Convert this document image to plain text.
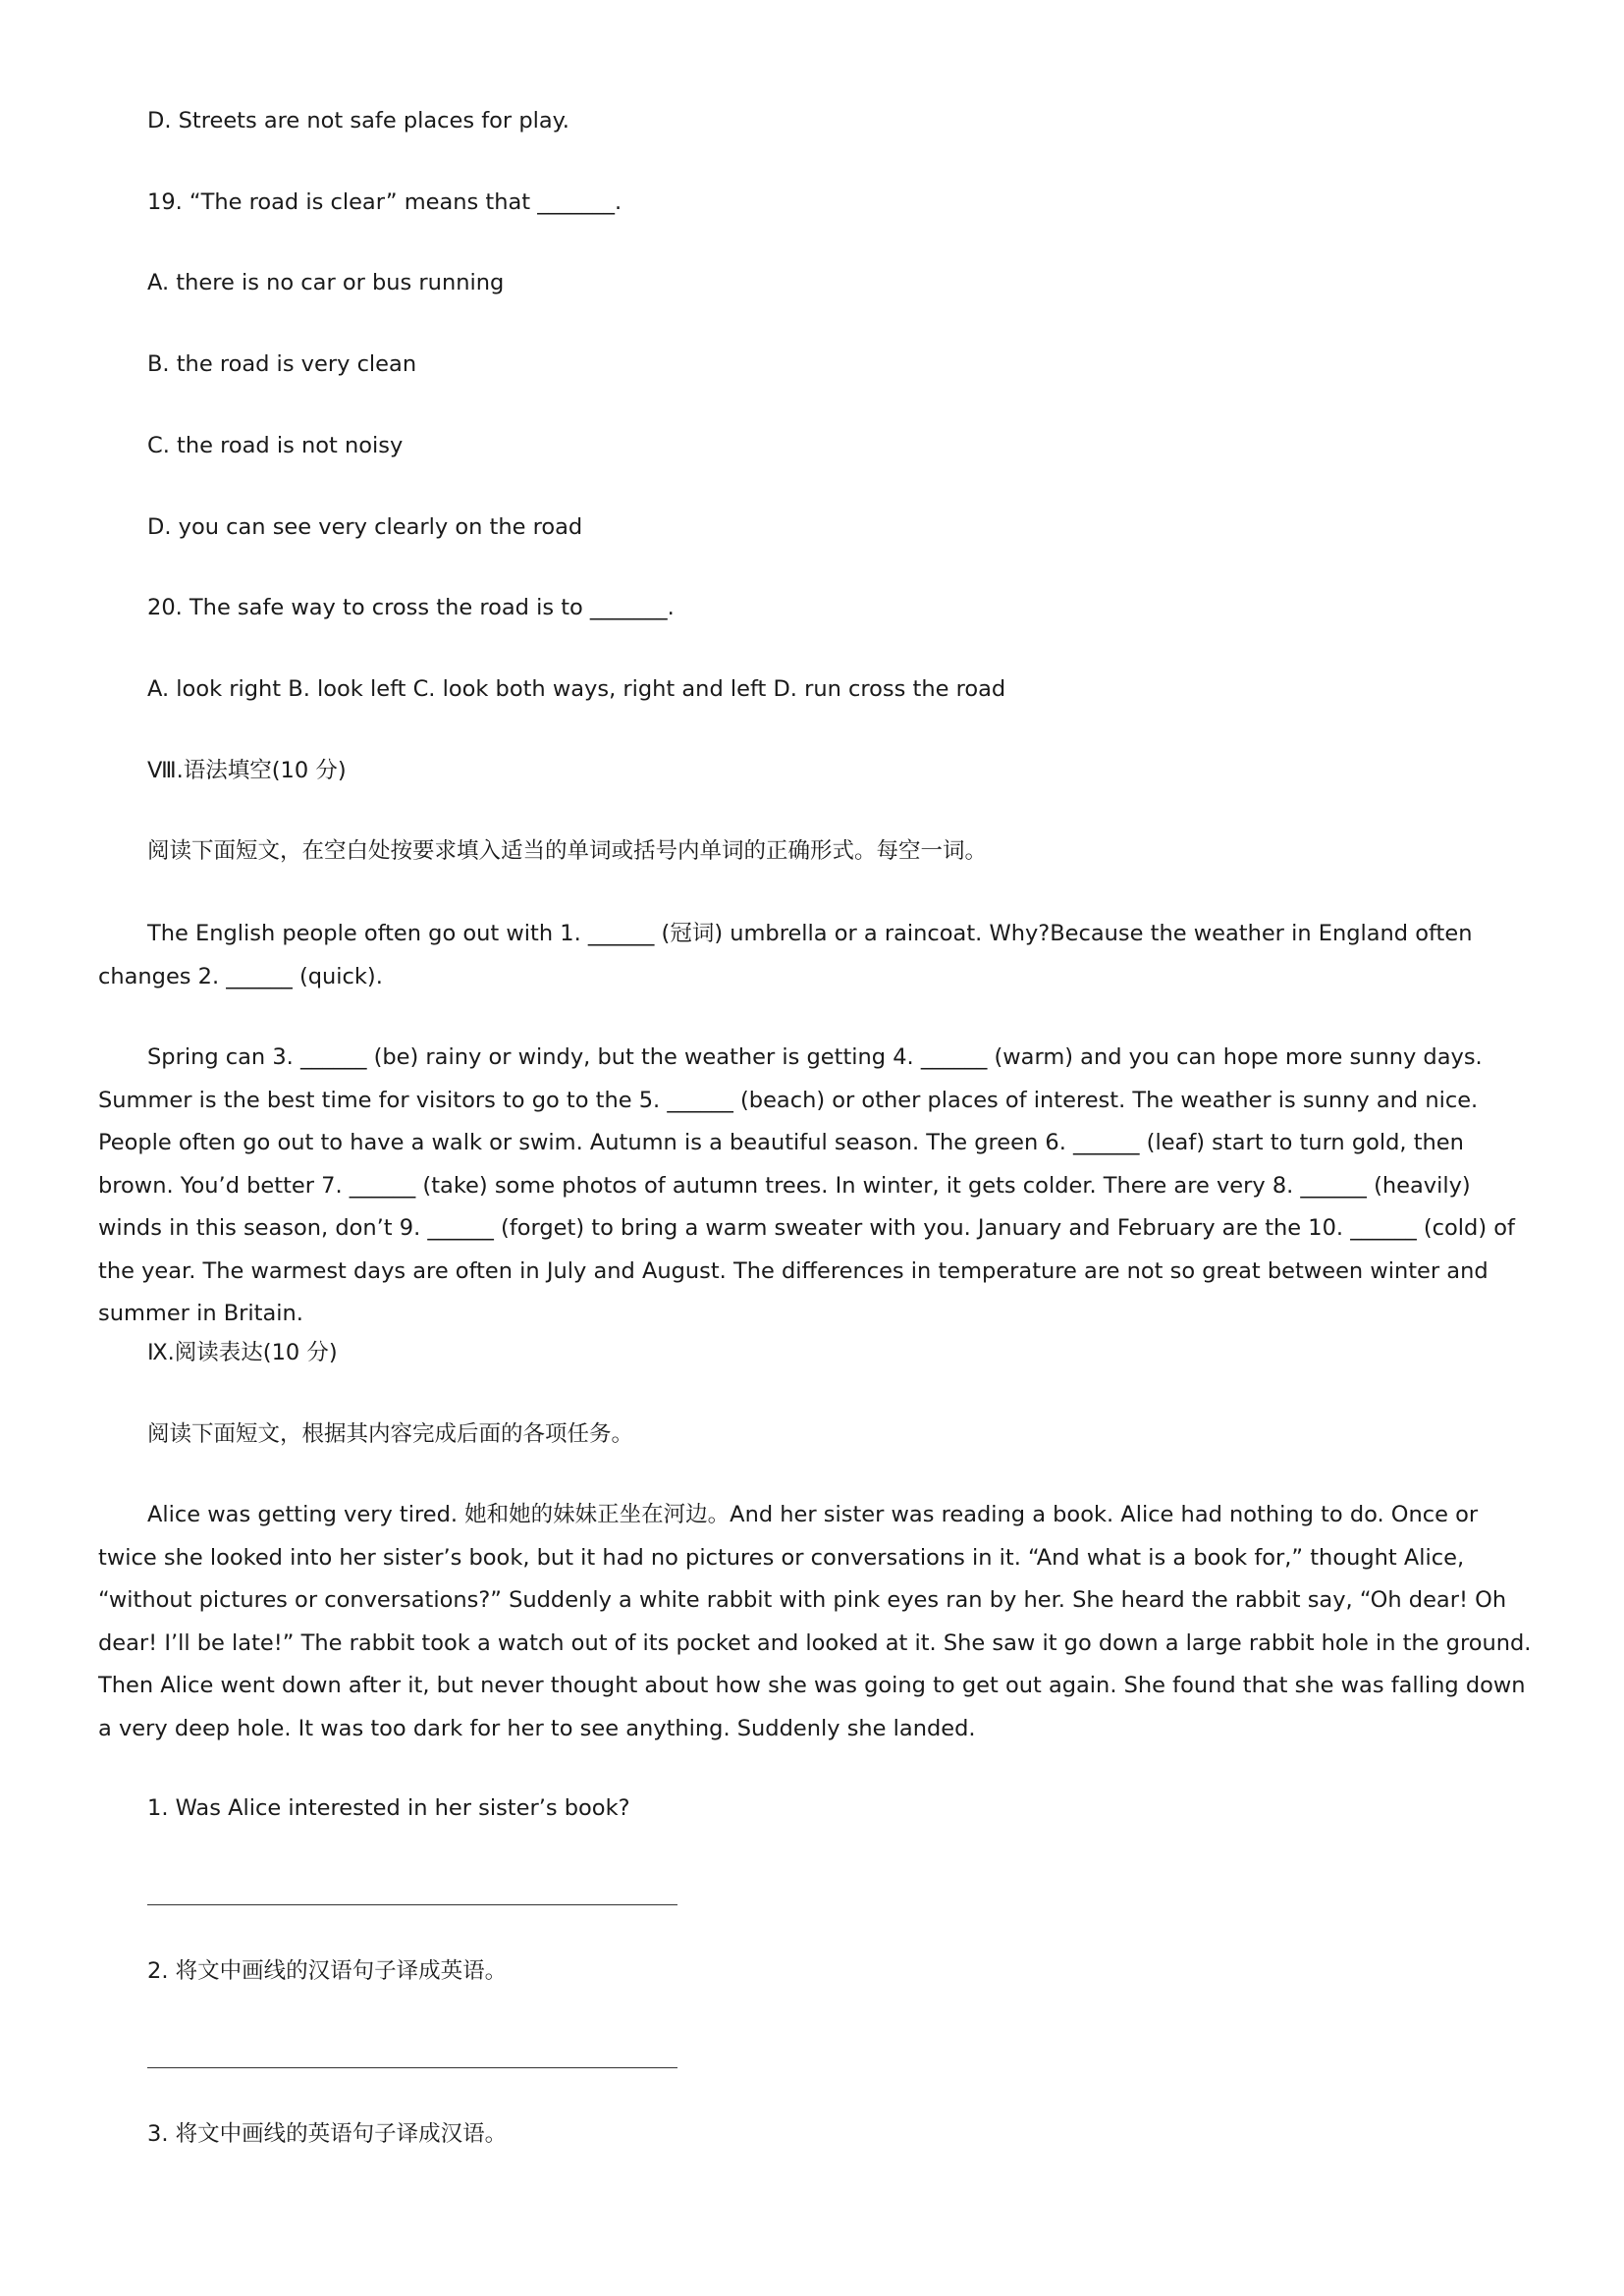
D. Streets are not safe places for play.
19. “The road is clear” means that _______.
A. there is no car or bus running
B. the road is very clean
C. the road is not noisy
D. you can see very clearly on the road
20. The safe way to cross the road is to _______.
A. look right B. look left C. look both ways, right and left D. run cross the road
Ⅷ.语法填空(10 分)
阅读下面短文，在空白处按要求填入适当的单词或括号内单词的正确形式。每空一词。
The English people often go out with 1. ______ (冠词) umbrella or a raincoat. Why?Because the weather in England often changes 2. ______ (quick).
Spring can 3. ______ (be) rainy or windy, but the weather is getting 4. ______ (warm) and you can hope more sunny days. Summer is the best time for visitors to go to the 5. ______ (beach) or other places of interest. The weather is sunny and nice. People often go out to have a walk or swim. Autumn is a beautiful season. The green 6. ______ (leaf) start to turn gold, then brown. You’d better 7. ______ (take) some photos of autumn trees. In winter, it gets colder. There are very 8. ______ (heavily) winds in this season, don’t 9. ______ (forget) to bring a warm sweater with you. January and February are the 10. ______ (cold) of the year. The warmest days are often in July and August. The differences in temperature are not so great between winter and summer in Britain.
Ⅸ.阅读表达(10 分)
阅读下面短文，根据其内容完成后面的各项任务。
Alice was getting very tired. 她和她的妹妹正坐在河边。And her sister was reading a book. Alice had nothing to do. Once or twice she looked into her sister’s book, but it had no pictures or conversations in it. “And what is a book for,” thought Alice, “without pictures or conversations?” Suddenly a white rabbit with pink eyes ran by her. She heard the rabbit say, “Oh dear! Oh dear! I’ll be late!” The rabbit took a watch out of its pocket and looked at it. She saw it go down a large rabbit hole in the ground. Then Alice went down after it, but never thought about how she was going to get out again. She found that she was falling down a very deep hole. It was too dark for her to see anything. Suddenly she landed.
1. Was Alice interested in her sister’s book?
2. 将文中画线的汉语句子译成英语。
3. 将文中画线的英语句子译成汉语。
